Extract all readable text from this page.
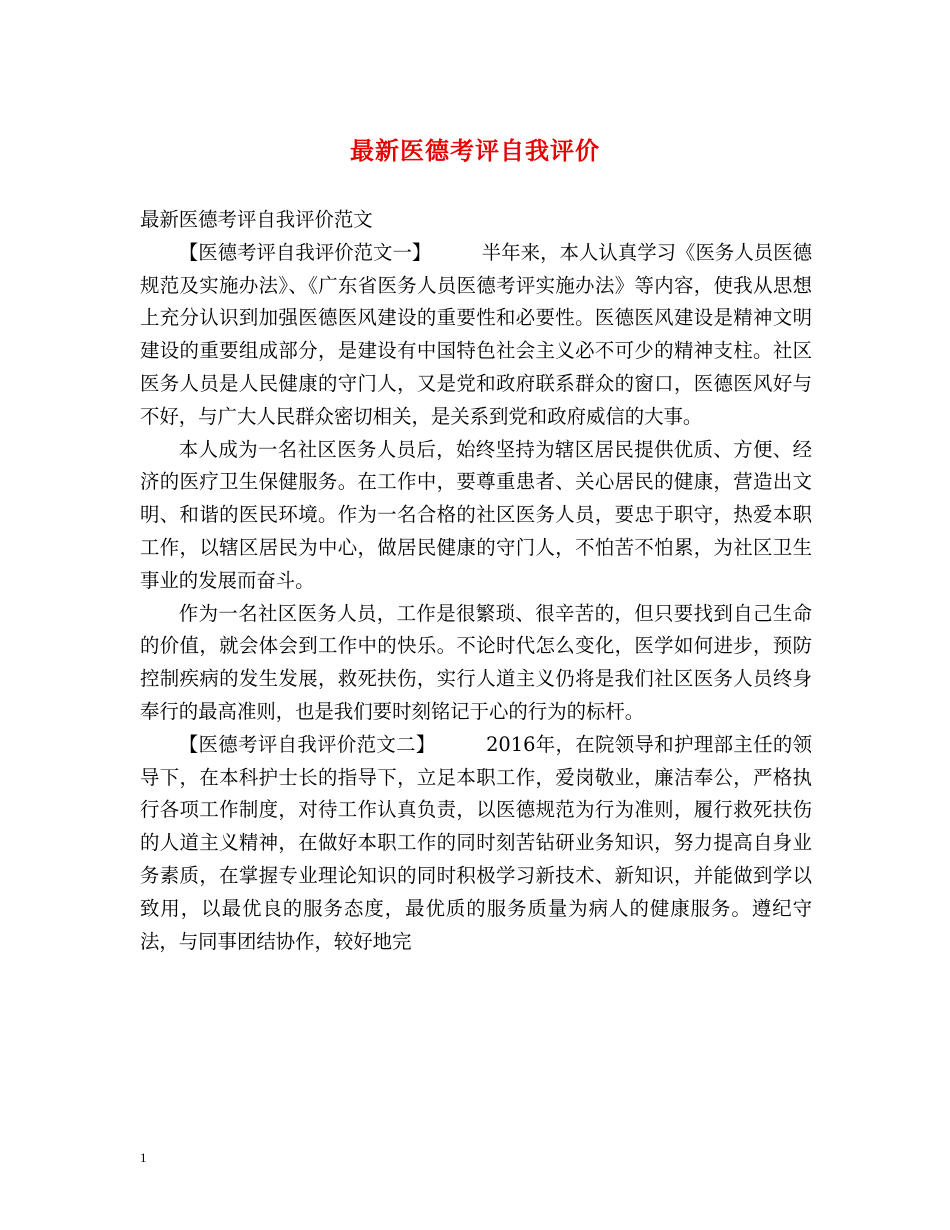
最新医德考评自我评价

最新医德考评自我评价范文

【医德考评自我评价范文一】	半年来，本人认真学习《医务人员医德规范及实施办法》、《广东省医务人员医德考评实施办法》等内容，使我从思想上充分认识到加强医德医风建设的重要性和必要性。医德医风建设是精神文明建设的重要组成部分，是建设有中国特色社会主义必不可少的精神支柱。社区医务人员是人民健康的守门人，又是党和政府联系群众的窗口，医德医风好与不好，与广大人民群众密切相关，是关系到党和政府威信的大事。

本人成为一名社区医务人员后，始终坚持为辖区居民提供优质、方便、经济的医疗卫生保健服务。在工作中，要尊重患者、关心居民的健康，营造出文明、和谐的医民环境。作为一名合格的社区医务人员，要忠于职守，热爱本职工作，以辖区居民为中心，做居民健康的守门人，不怕苦不怕累，为社区卫生事业的发展而奋斗。

作为一名社区医务人员，工作是很繁琐、很辛苦的，但只要找到自己生命的价值，就会体会到工作中的快乐。不论时代怎么变化，医学如何进步，预防控制疾病的发生发展，救死扶伤，实行人道主义仍将是我们社区医务人员终身奉行的最高准则，也是我们要时刻铭记于心的行为的标杆。

【医德考评自我评价范文二】	2016年，在院领导和护理部主任的领导下，在本科护士长的指导下，立足本职工作，爱岗敬业，廉洁奉公，严格执行各项工作制度，对待工作认真负责，以医德规范为行为准则，履行救死扶伤的人道主义精神，在做好本职工作的同时刻苦钻研业务知识，努力提高自身业务素质，在掌握专业理论知识的同时积极学习新技术、新知识，并能做到学以致用，以最优良的服务态度，最优质的服务质量为病人的健康服务。遵纪守法，与同事团结协作，较好地完

1
